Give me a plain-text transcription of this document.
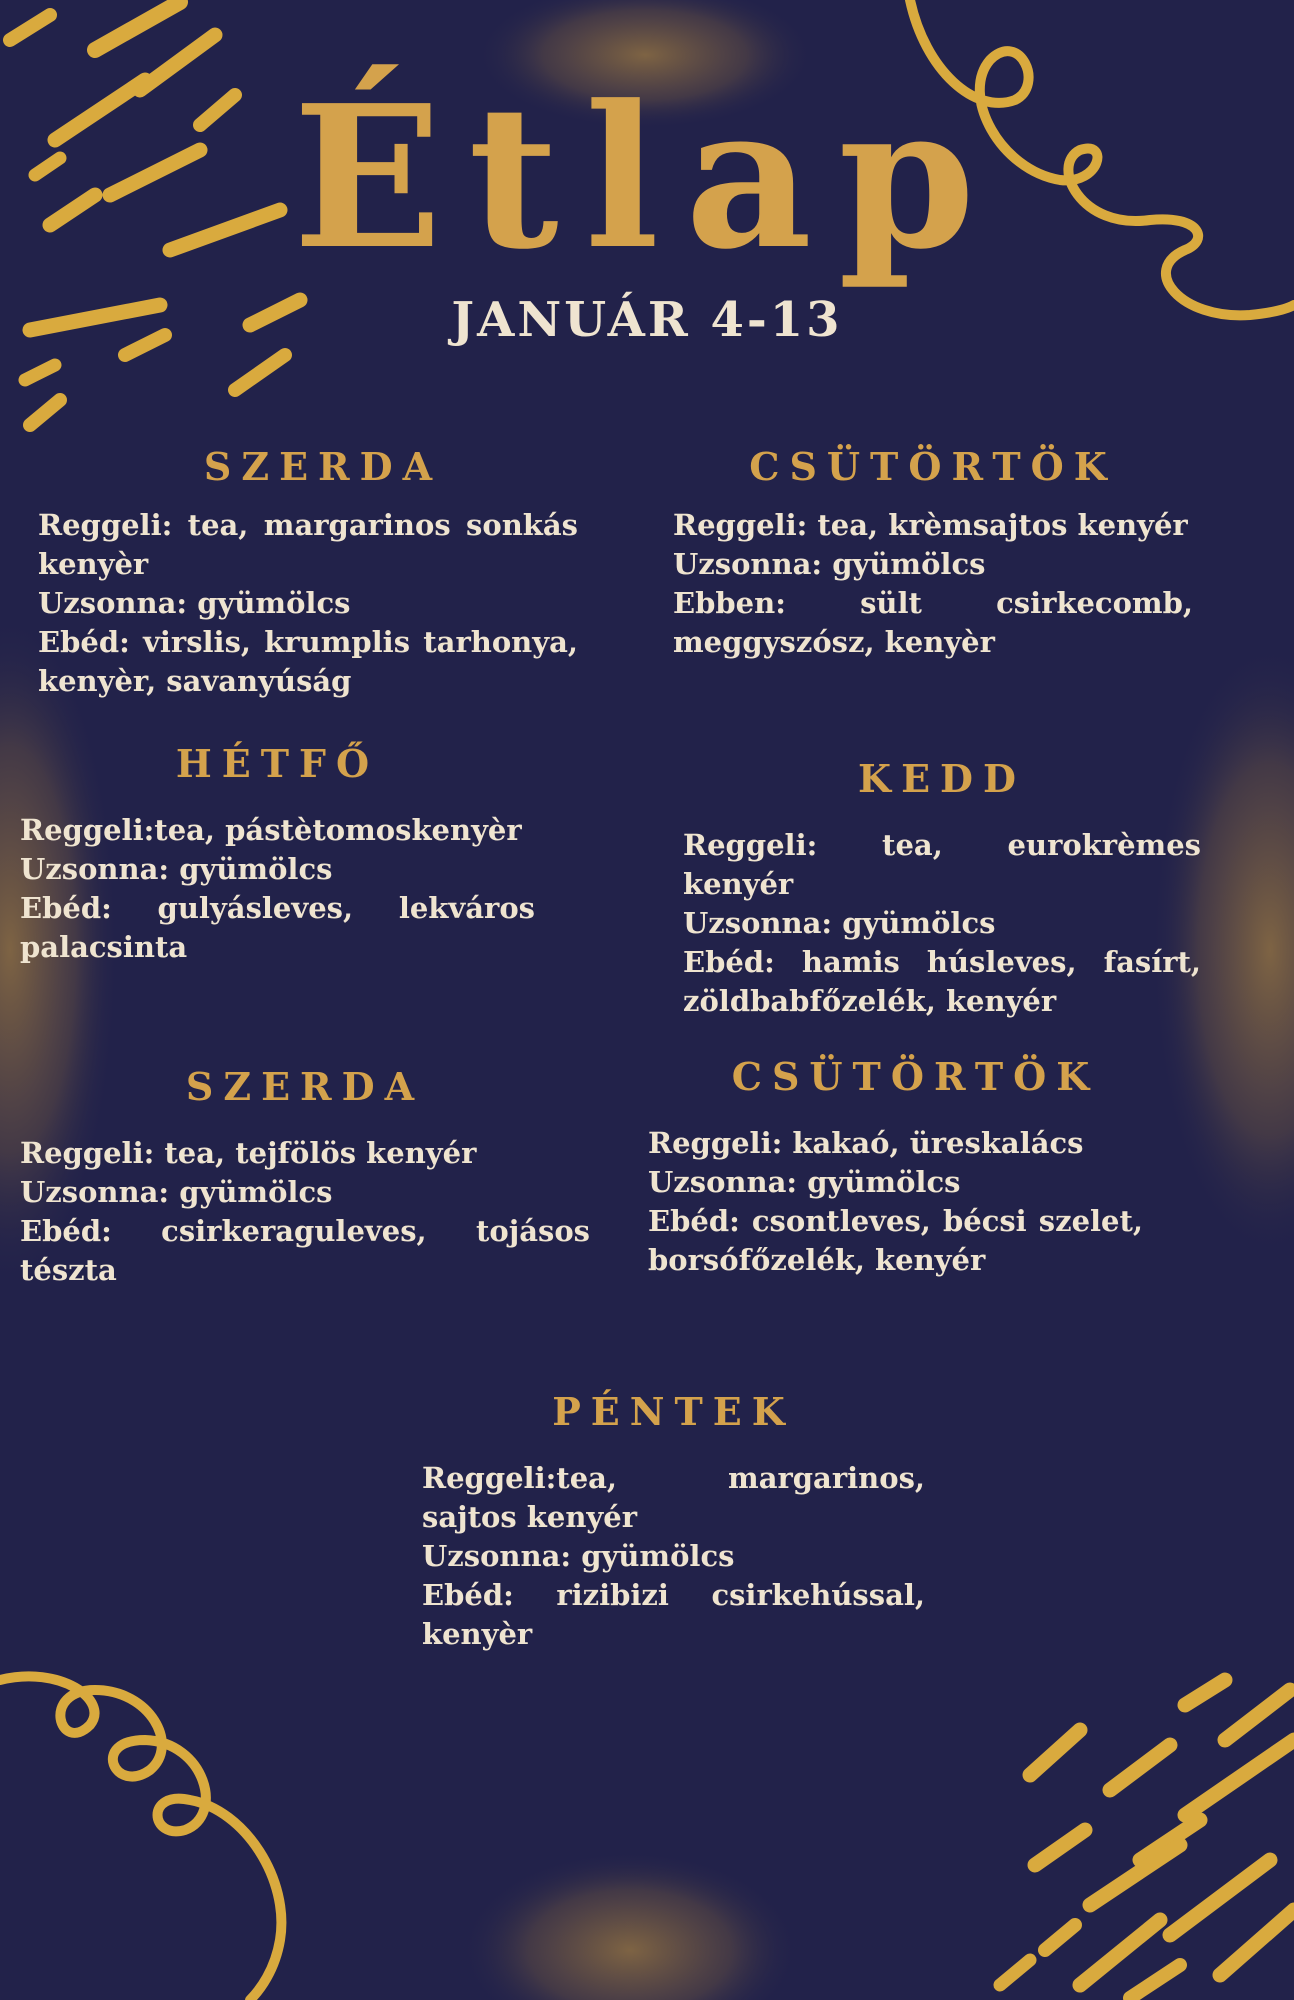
Étlap
JANUÁR 4-13
SZERDA
Reggeli: tea, margarinos sonkás kenyèr
Uzsonna: gyümölcs
Ebéd: virslis, krumplis tarhonya, kenyèr, savanyúság
CSÜTÖRTÖK
Reggeli: tea, krèmsajtos kenyér
Uzsonna: gyümölcs
Ebben: sült csirkecomb, meggyszósz, kenyèr
HÉTFŐ
Reggeli:tea, pástètomoskenyèr
Uzsonna: gyümölcs
Ebéd: gulyásleves, lekváros palacsinta
KEDD
Reggeli: tea, eurokrèmes kenyér
Uzsonna: gyümölcs
Ebéd: hamis húsleves, fasírt, zöldbabfőzelék, kenyér
SZERDA
Reggeli: tea, tejfölös kenyér
Uzsonna: gyümölcs
Ebéd: csirkeraguleves, tojásos tészta
CSÜTÖRTÖK
Reggeli: kakaó, üreskalács
Uzsonna: gyümölcs
Ebéd: csontleves, bécsi szelet, borsófőzelék, kenyér
PÉNTEK
Reggeli:tea, margarinos, sajtos kenyér
Uzsonna: gyümölcs
Ebéd: rizibizi csirkehússal, kenyèr
